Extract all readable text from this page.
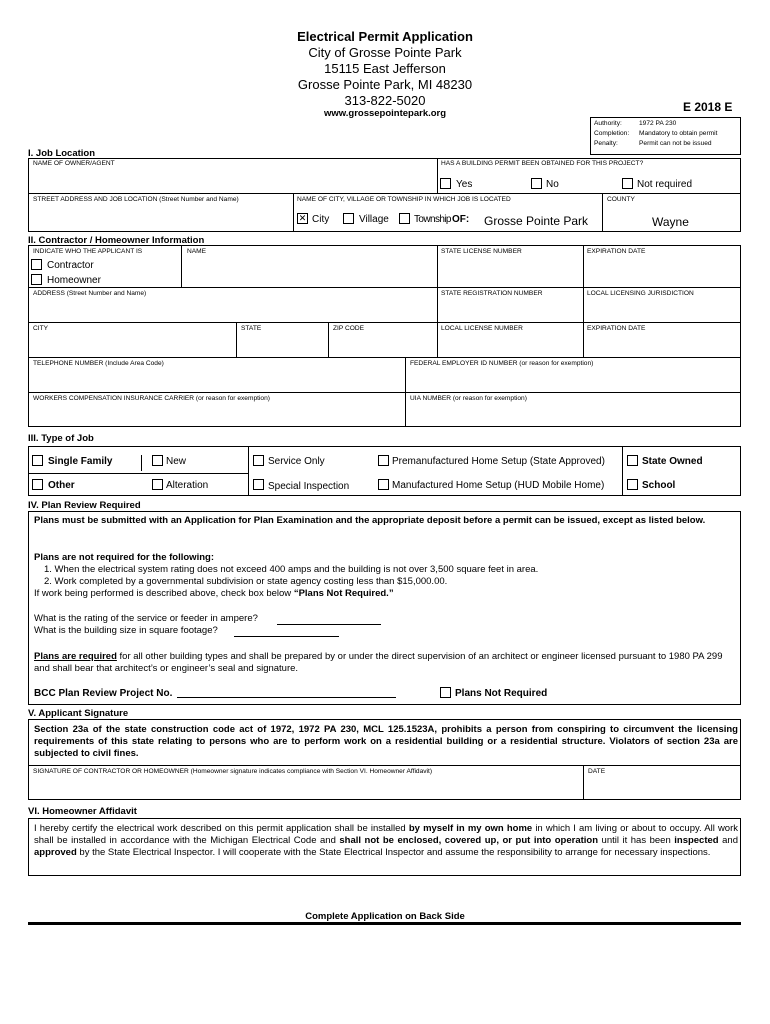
Electrical Permit Application
City of Grosse Pointe Park
15115 East Jefferson
Grosse Pointe Park, MI 48230
313-822-5020
www.grossepointepark.org	E 2018 E
Authority:	1972 PA 230
Completion: Mandatory to obtain permit
Penalty:	Permit can not be issued
I. Job Location
NAME OF OWNER/AGENT	HAS A BUILDING PERMIT BEEN OBTAINED FOR THIS PROJECT?
Yes	No	Not required
STREET ADDRESS AND JOB LOCATION (Street Number and Name)	NAME OF CITY, VILLAGE OR TOWNSHIP IN WHICH JOB IS LOCATED	COUNTY
✕ City	Village	Township OF: Grosse Pointe Park	Wayne
II. Contractor / Homeowner Information
INDICATE WHO THE APPLICANT IS	NAME	STATE LICENSE NUMBER	EXPIRATION DATE
Contractor
Homeowner
ADDRESS (Street Number and Name)	STATE REGISTRATION NUMBER	LOCAL LICENSING JURISDICTION
CITY	STATE	ZIP CODE	LOCAL LICENSE NUMBER	EXPIRATION DATE
TELEPHONE NUMBER (Include Area Code)	FEDERAL EMPLOYER ID NUMBER (or reason for exemption)
WORKERS COMPENSATION INSURANCE CARRIER (or reason for exemption)	UIA NUMBER (or reason for exemption)
III. Type of Job
Single Family	New	Service Only	Premanufactured Home Setup (State Approved)	State Owned
Other	Alteration	Special Inspection	Manufactured Home Setup (HUD Mobile Home)	School
IV. Plan Review Required
Plans must be submitted with an Application for Plan Examination and the appropriate deposit before a permit can be issued, except as listed below.
Plans are not required for the following:
1. When the electrical system rating does not exceed 400 amps and the building is not over 3,500 square feet in area.
2. Work completed by a governmental subdivision or state agency costing less than $15,000.00.
If work being performed is described above, check box below “Plans Not Required.”
What is the rating of the service or feeder in ampere?
What is the building size in square footage?
Plans are required for all other building types and shall be prepared by or under the direct supervision of an architect or engineer licensed pursuant to 1980 PA 299 and shall bear that architect’s or engineer’s seal and signature.
BCC Plan Review Project No.	Plans Not Required
V. Applicant Signature
Section 23a of the state construction code act of 1972, 1972 PA 230, MCL 125.1523A, prohibits a person from conspiring to circumvent the licensing requirements of this state relating to persons who are to perform work on a residential building or a residential structure. Violators of section 23a are subjected to civil fines.
SIGNATURE OF CONTRACTOR OR HOMEOWNER (Homeowner signature indicates compliance with Section VI. Homeowner Affidavit)	DATE
VI. Homeowner Affidavit
I hereby certify the electrical work described on this permit application shall be installed by myself in my own home in which I am living or about to occupy. All work shall be installed in accordance with the Michigan Electrical Code and shall not be enclosed, covered up, or put into operation until it has been inspected and approved by the State Electrical Inspector. I will cooperate with the State Electrical Inspector and assume the responsibility to arrange for necessary inspections.
Complete Application on Back Side
